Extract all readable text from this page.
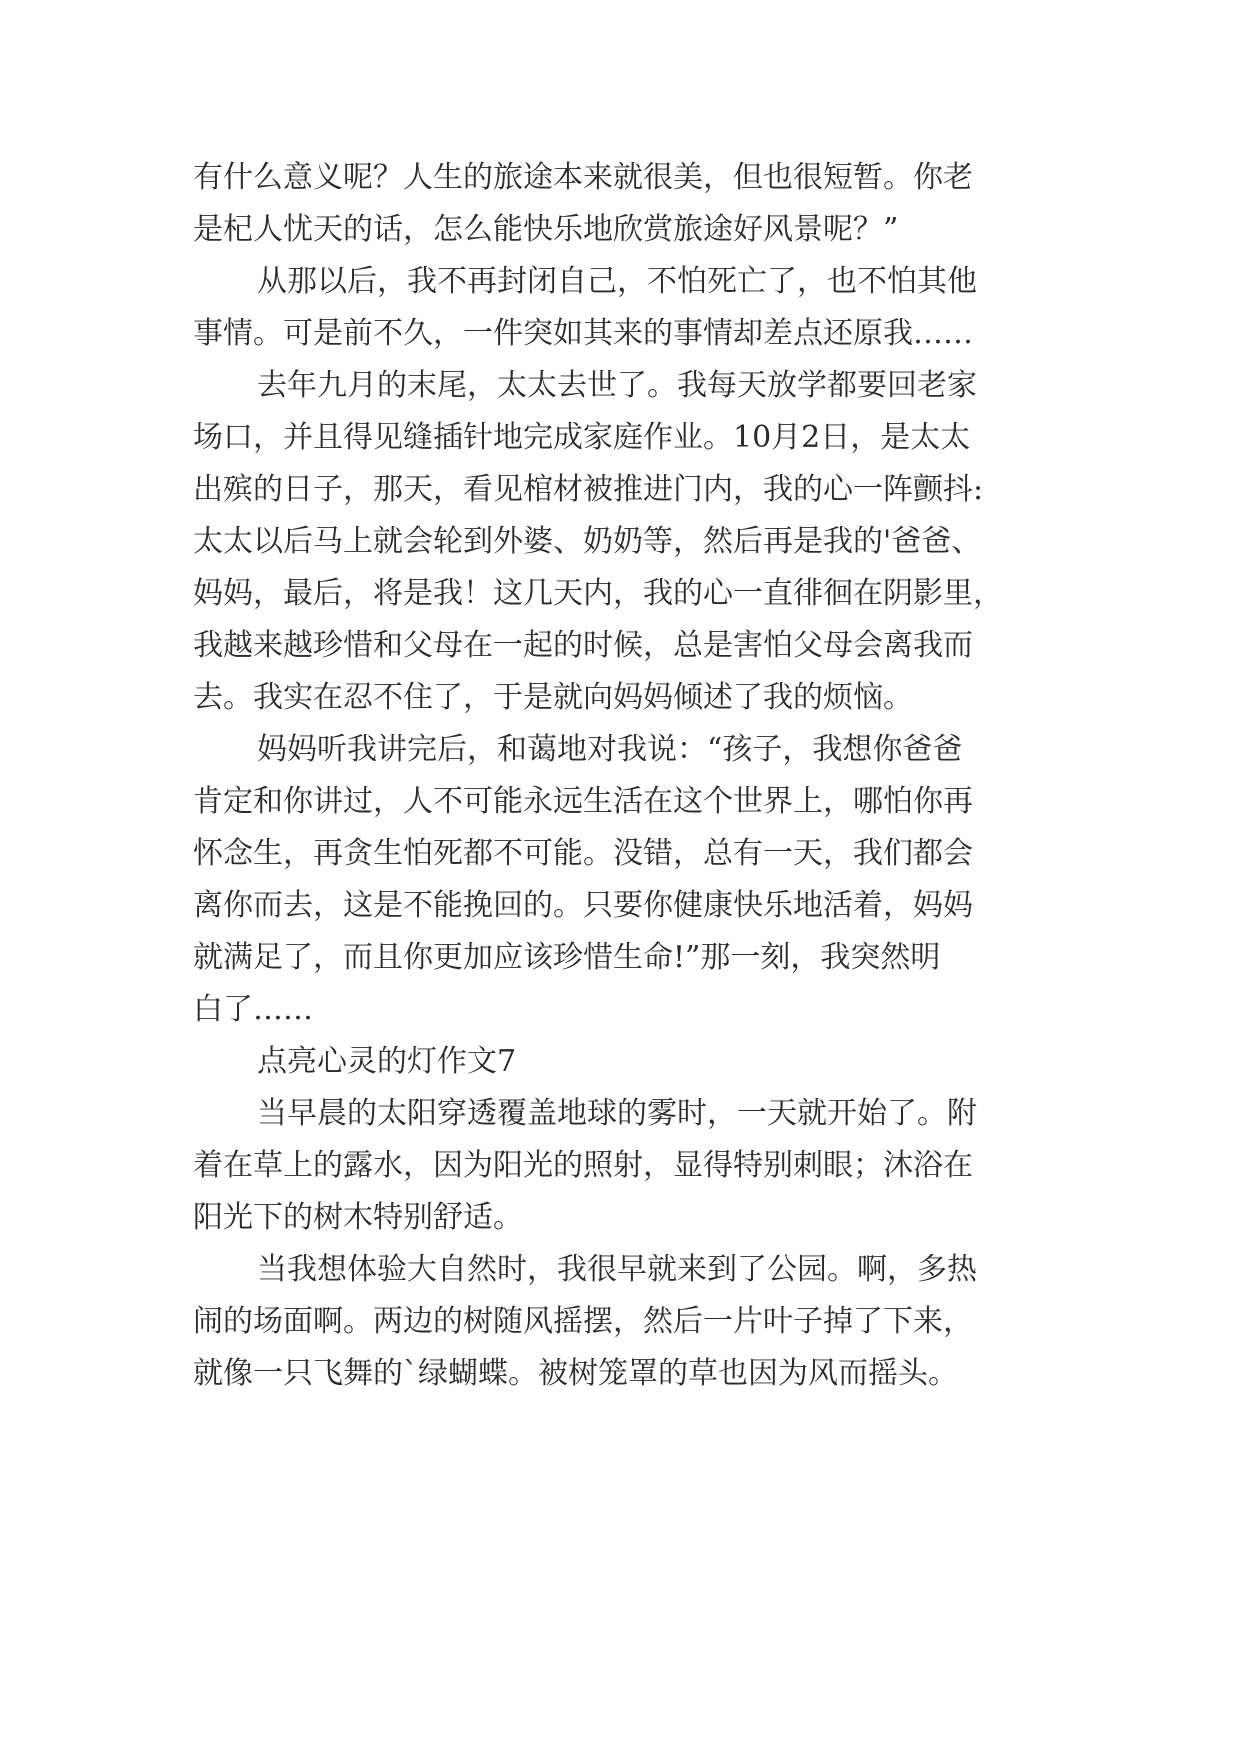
有什么意义呢？人生的旅途本来就很美，但也很短暂。你老
是杞人忧天的话，怎么能快乐地欣赏旅途好风景呢？”
从那以后，我不再封闭自己，不怕死亡了，也不怕其他
事情。可是前不久，一件突如其来的事情却差点还原我……
去年九月的末尾，太太去世了。我每天放学都要回老家
场口，并且得见缝插针地完成家庭作业。10月2日，是太太
出殡的日子，那天，看见棺材被推进门内，我的心一阵颤抖:
太太以后马上就会轮到外婆、奶奶等，然后再是我的'爸爸、
妈妈，最后，将是我！这几天内，我的心一直徘徊在阴影里，
我越来越珍惜和父母在一起的时候，总是害怕父母会离我而
去。我实在忍不住了，于是就向妈妈倾述了我的烦恼。
妈妈听我讲完后，和蔼地对我说：“孩子，我想你爸爸
肯定和你讲过，人不可能永远生活在这个世界上，哪怕你再
怀念生，再贪生怕死都不可能。没错，总有一天，我们都会
离你而去，这是不能挽回的。只要你健康快乐地活着，妈妈
就满足了，而且你更加应该珍惜生命!”那一刻，我突然明
白了……
点亮心灵的灯作文7
当早晨的太阳穿透覆盖地球的雾时，一天就开始了。附
着在草上的露水，因为阳光的照射，显得特别刺眼；沐浴在
阳光下的树木特别舒适。
当我想体验大自然时，我很早就来到了公园。啊，多热
闹的场面啊。两边的树随风摇摆，然后一片叶子掉了下来，
就像一只飞舞的`绿蝴蝶。被树笼罩的草也因为风而摇头。
